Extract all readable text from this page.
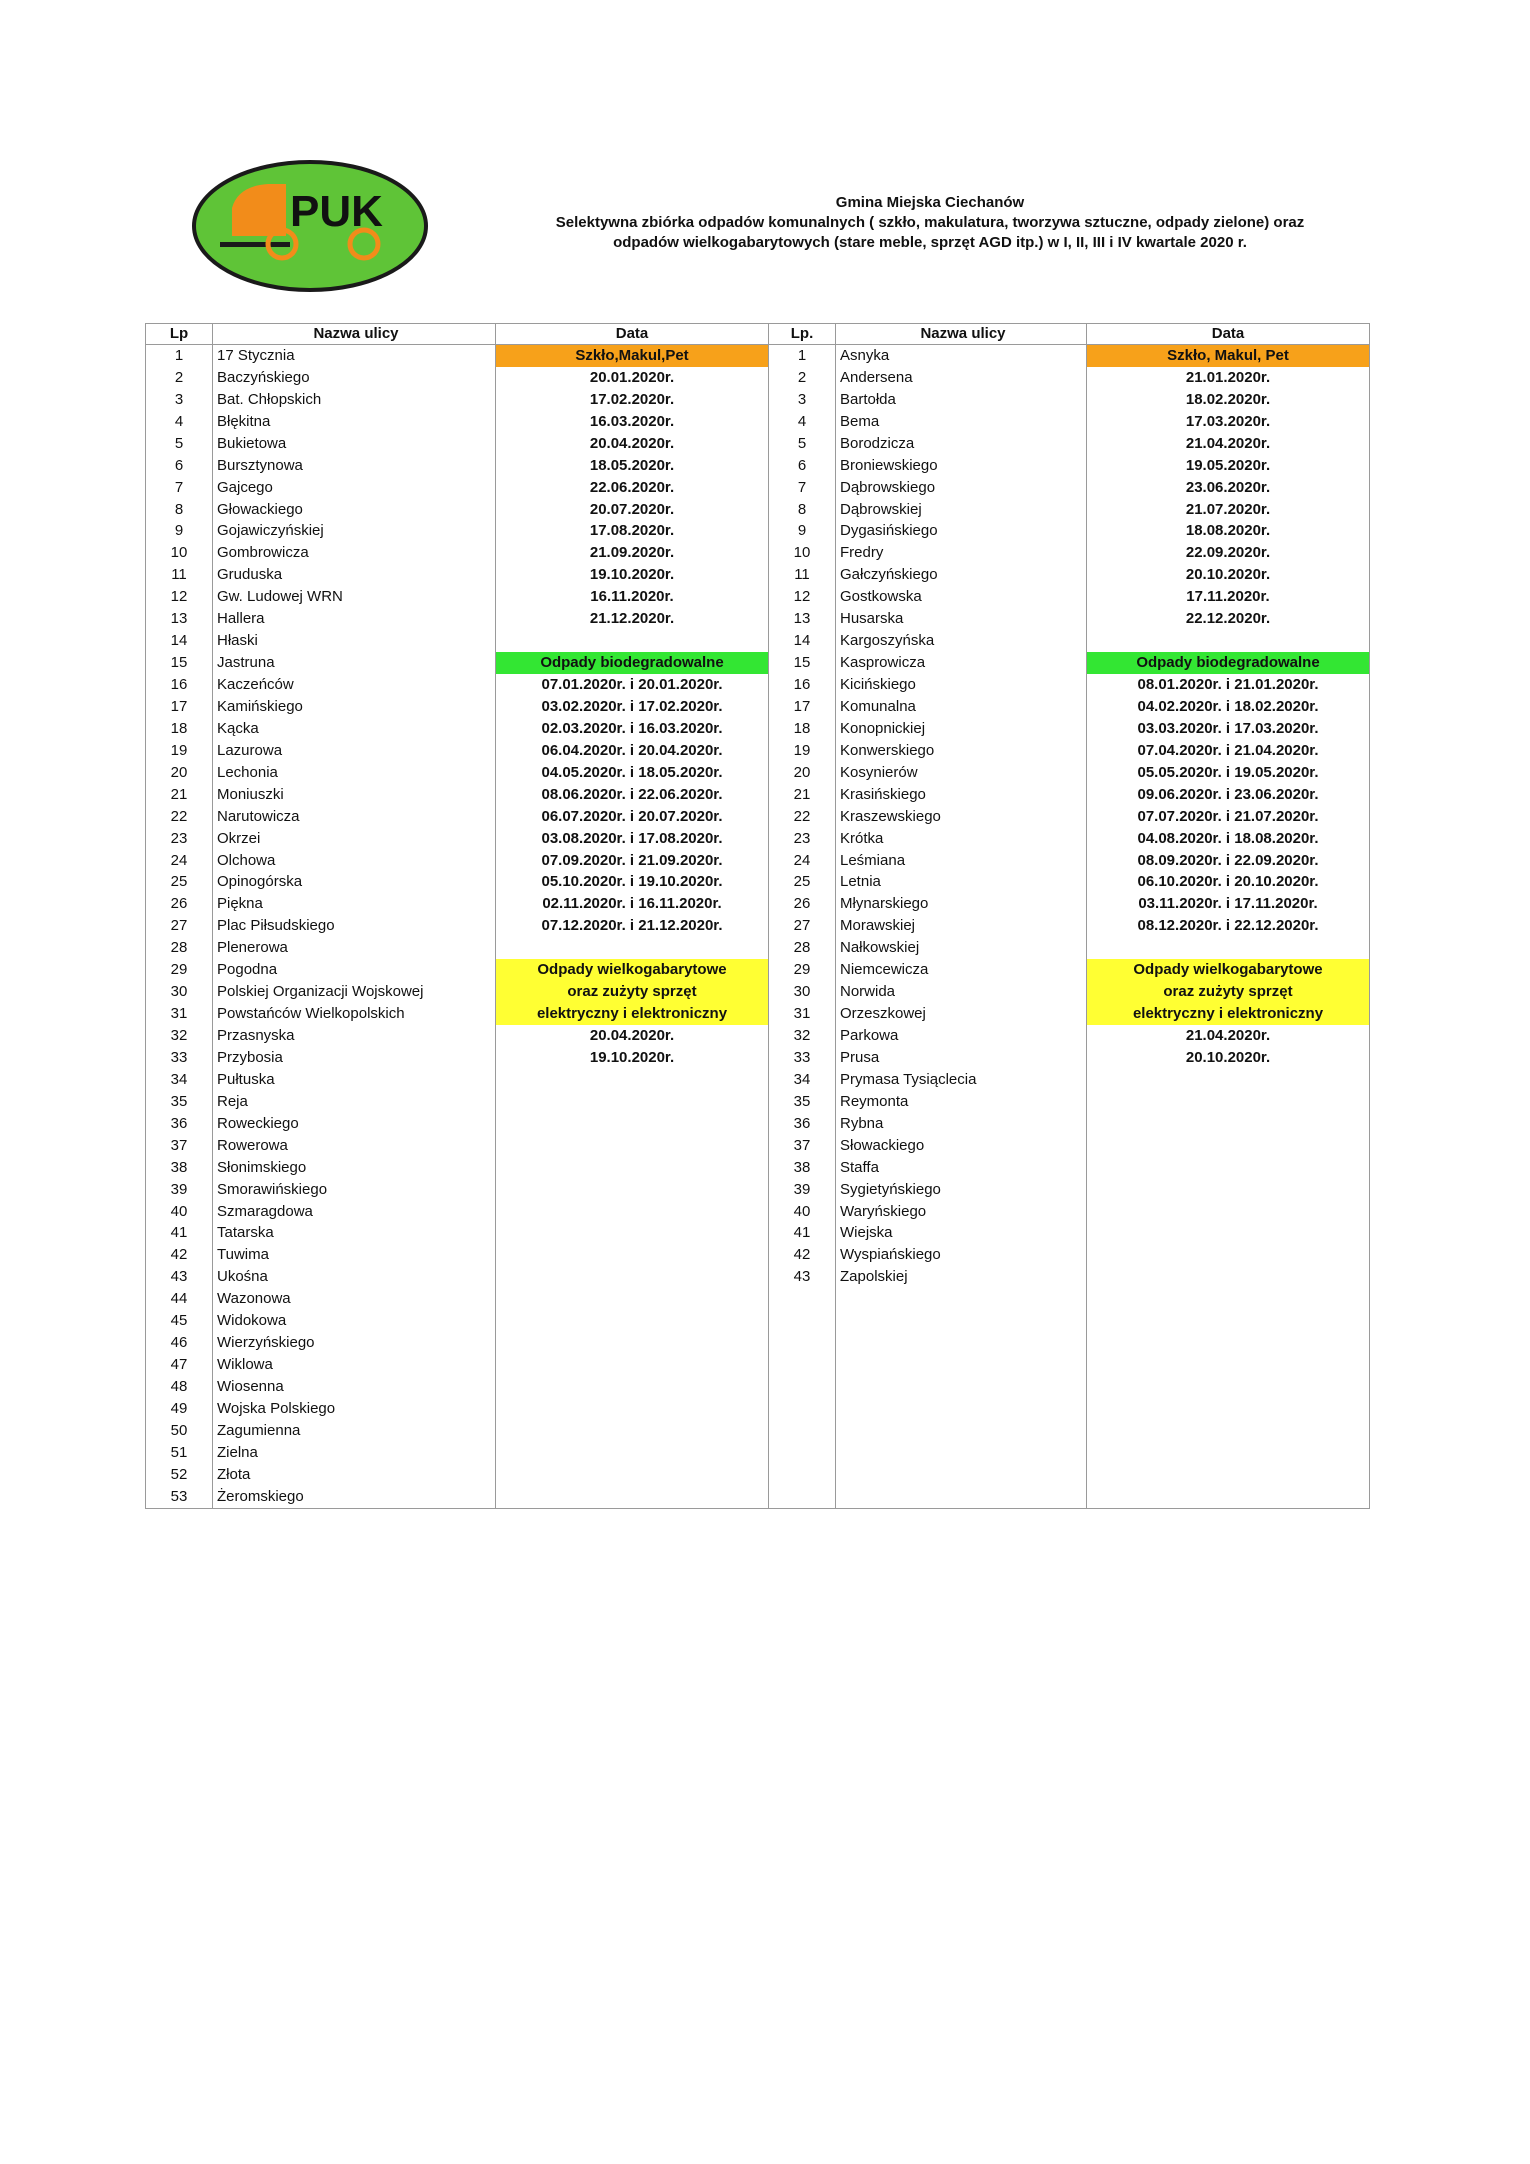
PUK	Gmina Miejska Ciechanów
Selektywna zbiórka odpadów komunalnych ( szkło, makulatura, tworzywa sztuczne, odpady zielone) oraz
odpadów wielkogabarytowych (stare meble, sprzęt AGD itp.) w I, II, III i IV kwartale 2020 r.
Lp	Nazwa ulicy	Data	Lp.	Nazwa ulicy	Data
1	17 Stycznia	Szkło,Makul,Pet	1	Asnyka	Szkło, Makul, Pet
2	Baczyńskiego	20.01.2020r.	2	Andersena	21.01.2020r.
3	Bat. Chłopskich	17.02.2020r.	3	Bartołda	18.02.2020r.
4	Błękitna	16.03.2020r.	4	Bema	17.03.2020r.
5	Bukietowa	20.04.2020r.	5	Borodzicza	21.04.2020r.
6	Bursztynowa	18.05.2020r.	6	Broniewskiego	19.05.2020r.
7	Gajcego	22.06.2020r.	7	Dąbrowskiego	23.06.2020r.
8	Głowackiego	20.07.2020r.	8	Dąbrowskiej	21.07.2020r.
9	Gojawiczyńskiej	17.08.2020r.	9	Dygasińskiego	18.08.2020r.
10	Gombrowicza	21.09.2020r.	10	Fredry	22.09.2020r.
11	Gruduska	19.10.2020r.	11	Gałczyńskiego	20.10.2020r.
12	Gw. Ludowej WRN	16.11.2020r.	12	Gostkowska	17.11.2020r.
13	Hallera	21.12.2020r.	13	Husarska	22.12.2020r.
14	Hłaski		14	Kargoszyńska	
15	Jastruna	Odpady biodegradowalne	15	Kasprowicza	Odpady biodegradowalne
16	Kaczeńców	07.01.2020r. i 20.01.2020r.	16	Kicińskiego	08.01.2020r. i 21.01.2020r.
17	Kamińskiego	03.02.2020r. i 17.02.2020r.	17	Komunalna	04.02.2020r. i 18.02.2020r.
18	Kącka	02.03.2020r. i 16.03.2020r.	18	Konopnickiej	03.03.2020r. i 17.03.2020r.
19	Lazurowa	06.04.2020r. i 20.04.2020r.	19	Konwerskiego	07.04.2020r. i 21.04.2020r.
20	Lechonia	04.05.2020r. i 18.05.2020r.	20	Kosynierów	05.05.2020r. i 19.05.2020r.
21	Moniuszki	08.06.2020r. i 22.06.2020r.	21	Krasińskiego	09.06.2020r. i 23.06.2020r.
22	Narutowicza	06.07.2020r. i 20.07.2020r.	22	Kraszewskiego	07.07.2020r. i 21.07.2020r.
23	Okrzei	03.08.2020r. i 17.08.2020r.	23	Krótka	04.08.2020r. i 18.08.2020r.
24	Olchowa	07.09.2020r. i 21.09.2020r.	24	Leśmiana	08.09.2020r. i 22.09.2020r.
25	Opinogórska	05.10.2020r. i 19.10.2020r.	25	Letnia	06.10.2020r. i 20.10.2020r.
26	Piękna	02.11.2020r. i 16.11.2020r.	26	Młynarskiego	03.11.2020r. i 17.11.2020r.
27	Plac Piłsudskiego	07.12.2020r. i 21.12.2020r.	27	Morawskiej	08.12.2020r. i 22.12.2020r.
28	Plenerowa		28	Nałkowskiej	
29	Pogodna	Odpady wielkogabarytowe	29	Niemcewicza	Odpady wielkogabarytowe
30	Polskiej Organizacji Wojskowej	oraz zużyty sprzęt	30	Norwida	oraz zużyty sprzęt
31	Powstańców Wielkopolskich	elektryczny i elektroniczny	31	Orzeszkowej	elektryczny i elektroniczny
32	Przasnyska	20.04.2020r.	32	Parkowa	21.04.2020r.
33	Przybosia	19.10.2020r.	33	Prusa	20.10.2020r.
34	Pułtuska		34	Prymasa Tysiąclecia	
35	Reja		35	Reymonta	
36	Roweckiego		36	Rybna	
37	Rowerowa		37	Słowackiego	
38	Słonimskiego		38	Staffa	
39	Smorawińskiego		39	Sygietyńskiego	
40	Szmaragdowa		40	Waryńskiego	
41	Tatarska		41	Wiejska	
42	Tuwima		42	Wyspiańskiego	
43	Ukośna		43	Zapolskiej	
44	Wazonowa				
45	Widokowa				
46	Wierzyńskiego				
47	Wiklowa				
48	Wiosenna				
49	Wojska Polskiego				
50	Zagumienna				
51	Zielna				
52	Złota				
53	Żeromskiego				
